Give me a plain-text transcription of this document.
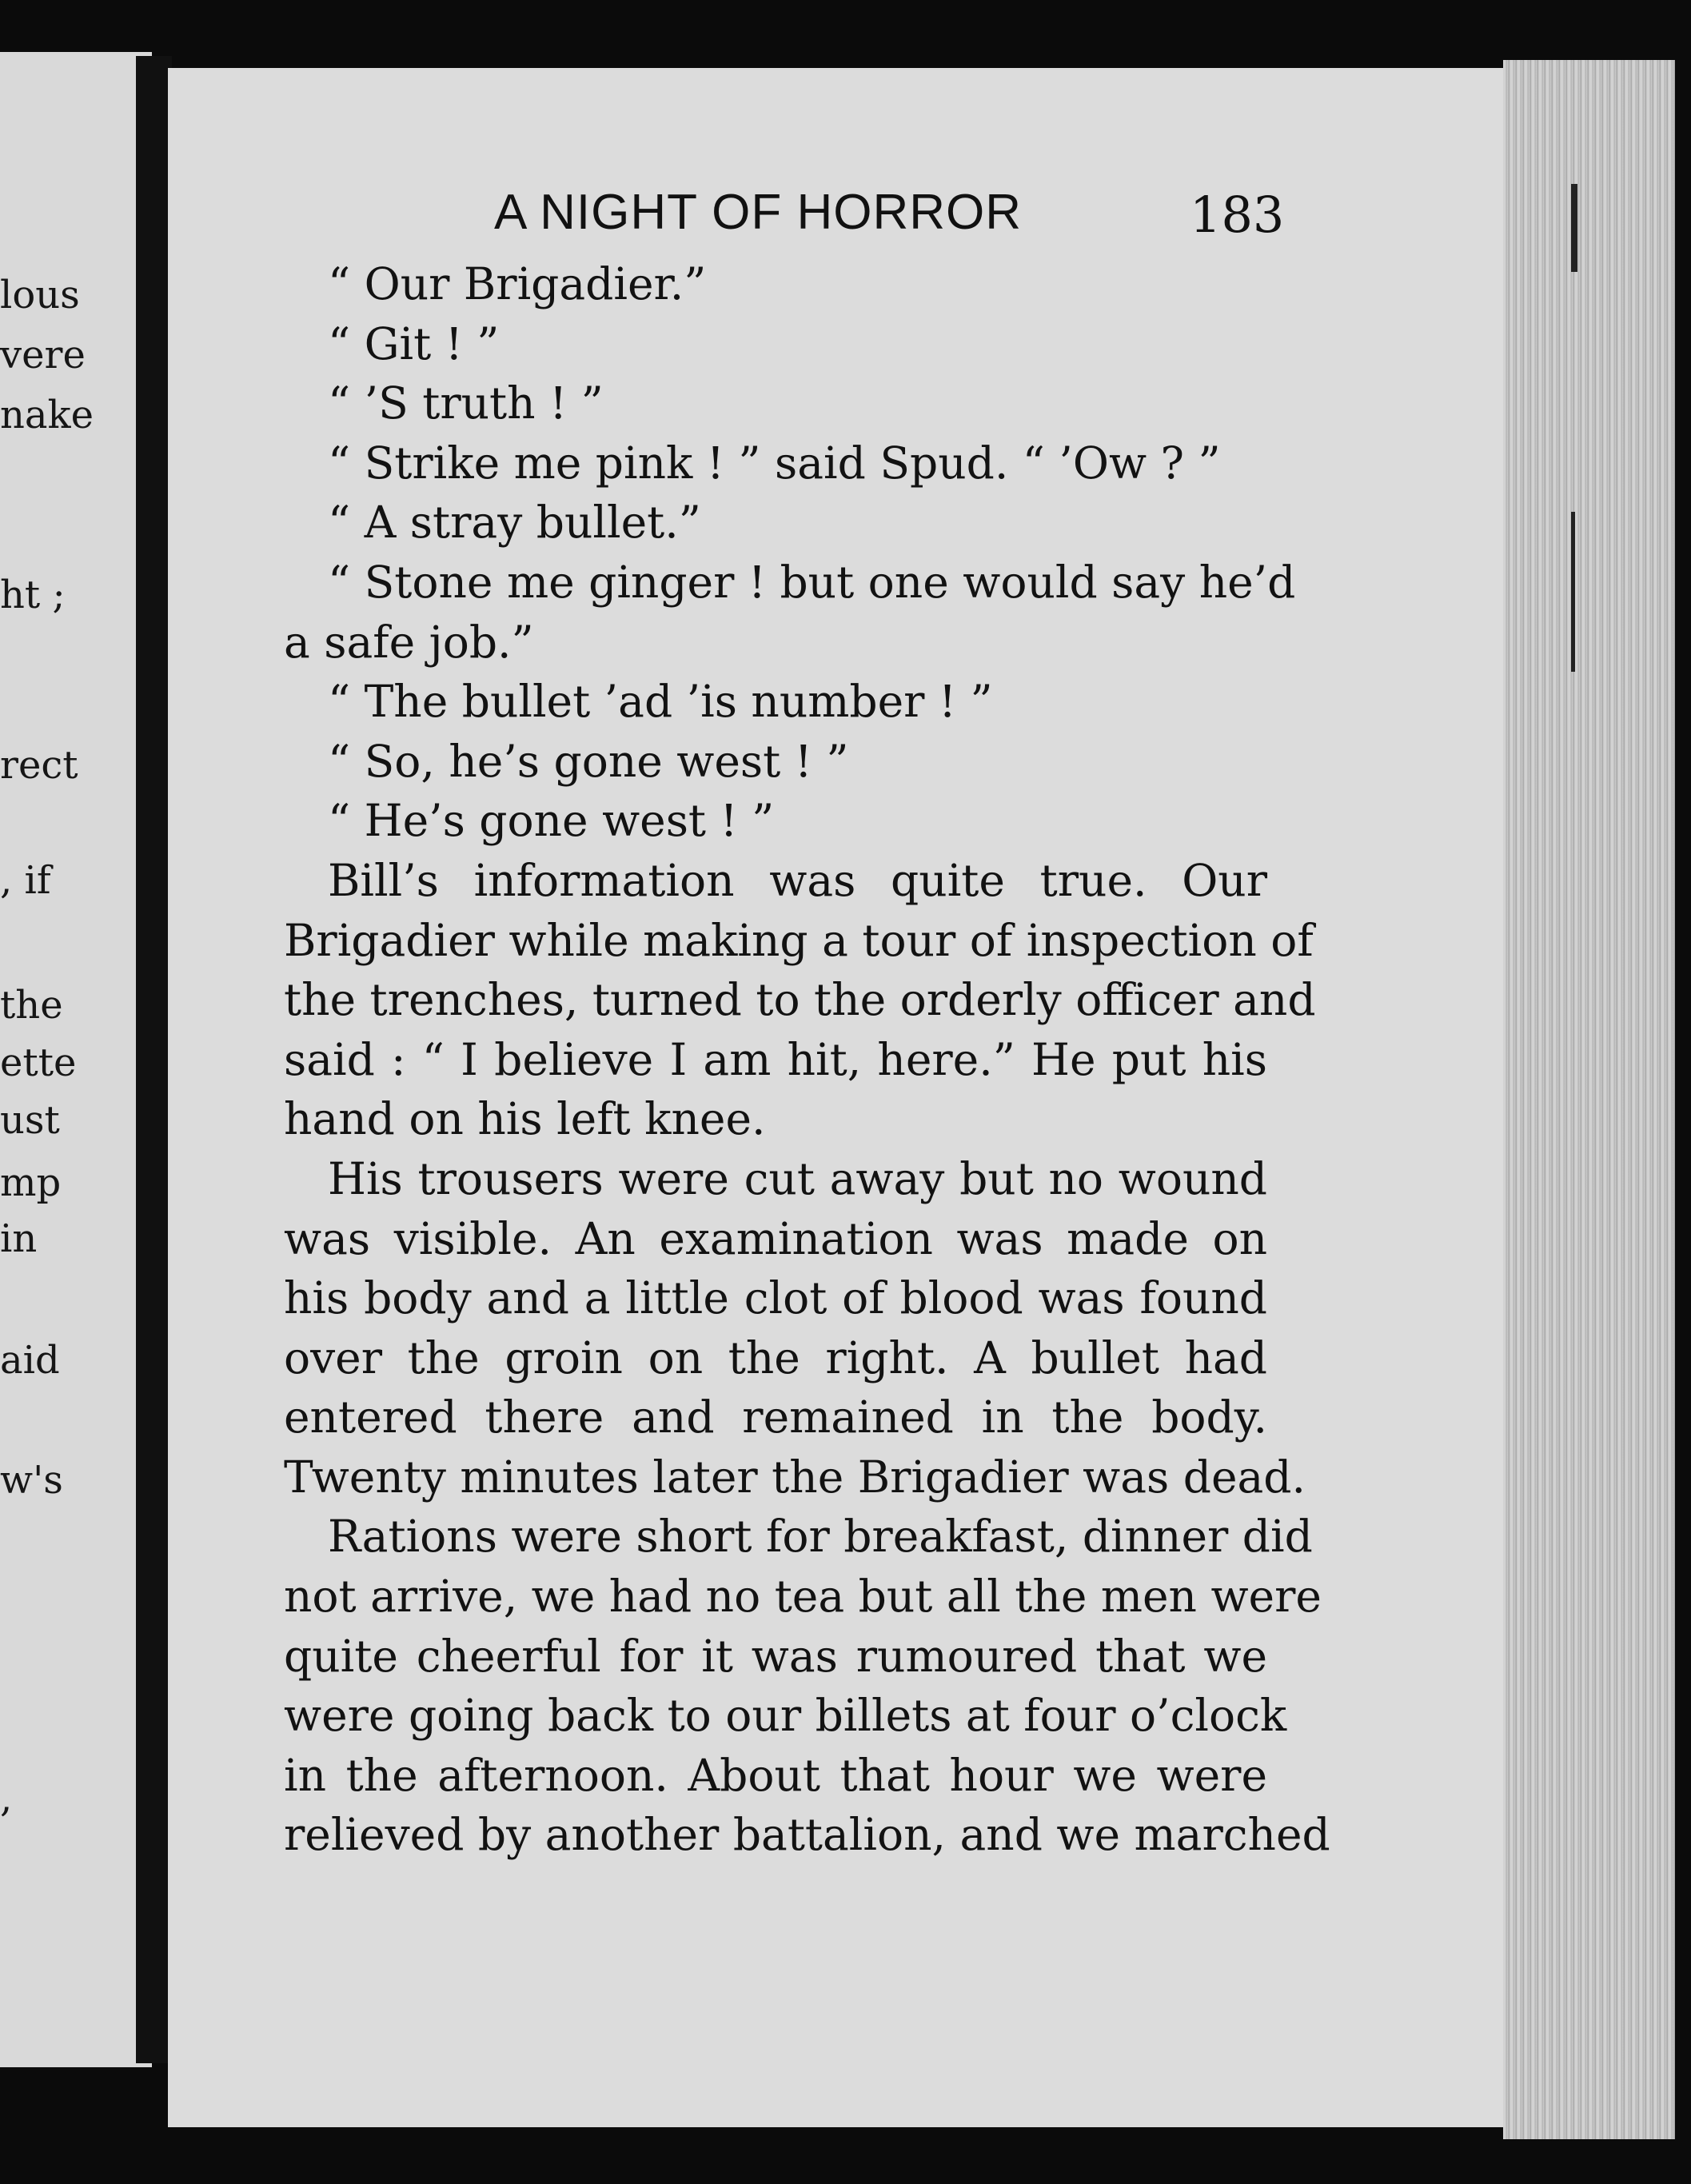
lous
vere
nake
ht ;
rect
, if
the
ette
ust
mp
in
aid
w's
,
A NIGHT OF HORROR	183
“ Our Brigadier.”
“ Git ! ”
“ ’S truth ! ”
“ Strike me pink ! ” said Spud. “ ’Ow ? ”
“ A stray bullet.”
“ Stone me ginger ! but one would say he’d
a safe job.”
“ The bullet ’ad ’is number ! ”
“ So, he’s gone west ! ”
“ He’s gone west ! ”
Bill’s information was quite true. Our
Brigadier while making a tour of inspection of
the trenches, turned to the orderly officer and
said : “ I believe I am hit, here.” He put his
hand on his left knee.
His trousers were cut away but no wound
was visible. An examination was made on
his body and a little clot of blood was found
over the groin on the right. A bullet had
entered there and remained in the body.
Twenty minutes later the Brigadier was dead.
Rations were short for breakfast, dinner did
not arrive, we had no tea but all the men were
quite cheerful for it was rumoured that we
were going back to our billets at four o’clock
in the afternoon. About that hour we were
relieved by another battalion, and we marched
